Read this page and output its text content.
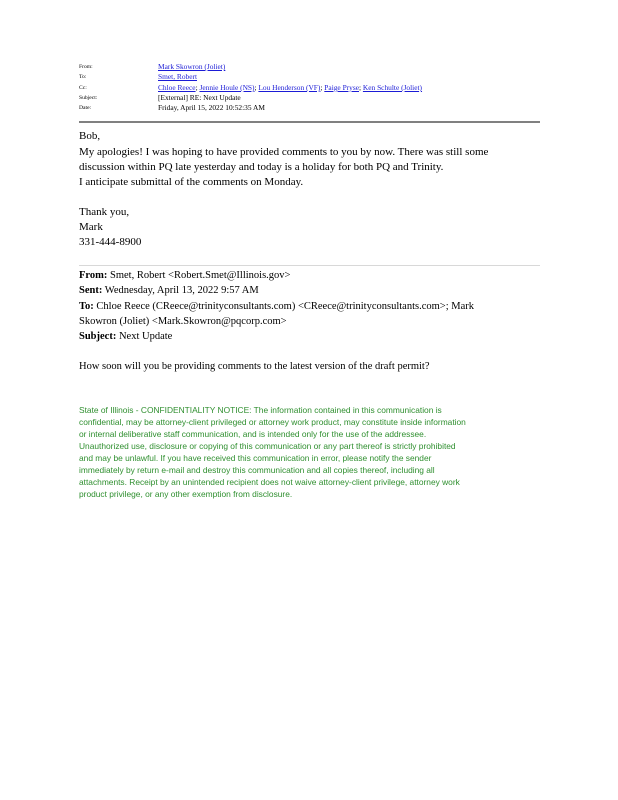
From:	Mark Skowron (Joliet)
To:	Smet, Robert
Cc:	Chloe Reece; Jennie Houle (NS); Lou Henderson (VF); Paige Pryse; Ken Schulte (Joliet)
Subject:	[External] RE: Next Update
Date:	Friday, April 15, 2022 10:52:35 AM
Bob,
My apologies! I was hoping to have provided comments to you by now. There was still some
discussion within PQ late yesterday and today is a holiday for both PQ and Trinity.
I anticipate submittal of the comments on Monday.
Thank you,
Mark
331-444-8900
From: Smet, Robert <Robert.Smet@Illinois.gov>
Sent: Wednesday, April 13, 2022 9:57 AM
To: Chloe Reece (CReece@trinityconsultants.com) <CReece@trinityconsultants.com>; Mark
Skowron (Joliet) <Mark.Skowron@pqcorp.com>
Subject: Next Update
How soon will you be providing comments to the latest version of the draft permit?
State of Illinois - CONFIDENTIALITY NOTICE: The information contained in this communication is
confidential, may be attorney-client privileged or attorney work product, may constitute inside information
or internal deliberative staff communication, and is intended only for the use of the addressee.
Unauthorized use, disclosure or copying of this communication or any part thereof is strictly prohibited
and may be unlawful. If you have received this communication in error, please notify the sender
immediately by return e-mail and destroy this communication and all copies thereof, including all
attachments. Receipt by an unintended recipient does not waive attorney-client privilege, attorney work
product privilege, or any other exemption from disclosure.
